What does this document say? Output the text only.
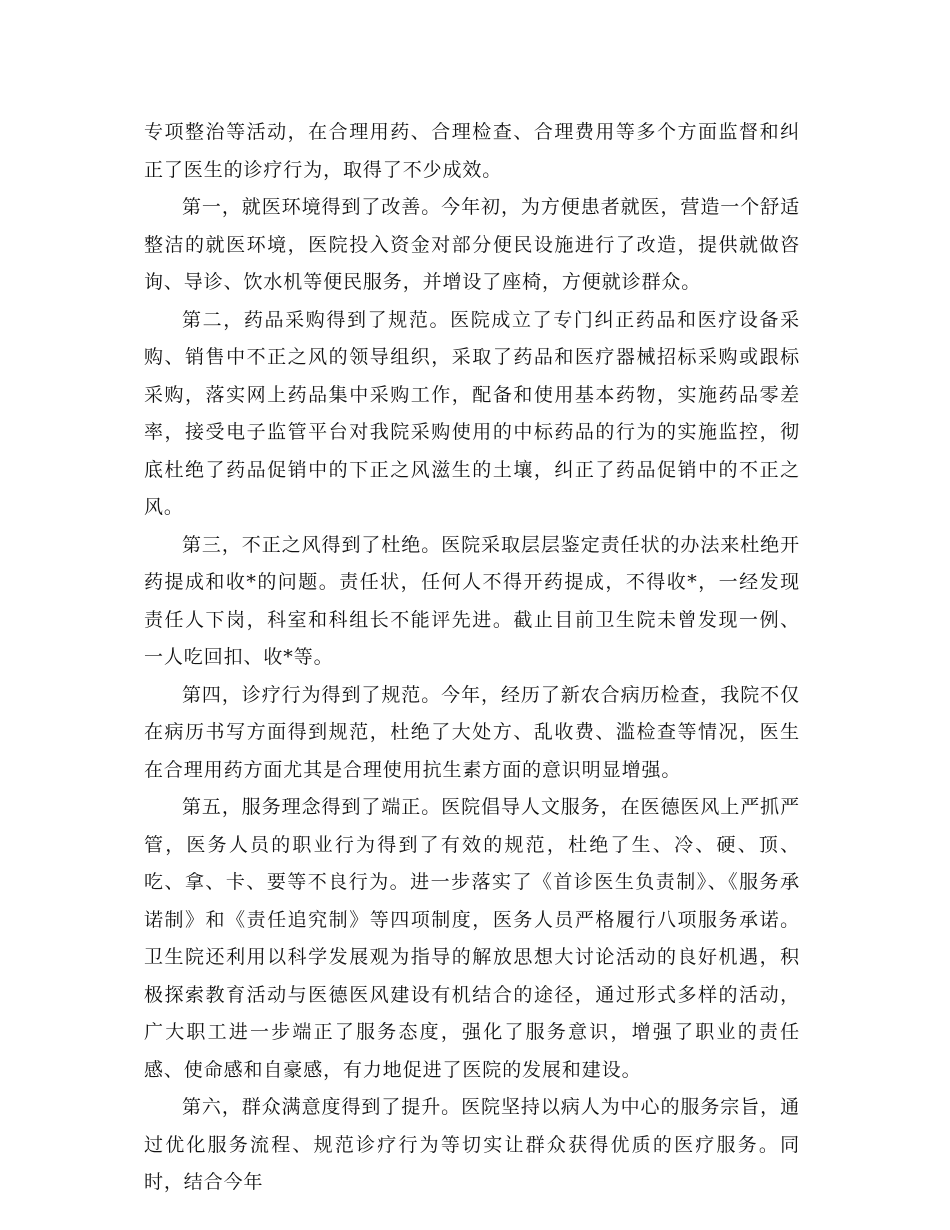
专项整治等活动，在合理用药、合理检查、合理费用等多个方面监督和纠正了医生的诊疗行为，取得了不少成效。

第一，就医环境得到了改善。今年初，为方便患者就医，营造一个舒适整洁的就医环境，医院投入资金对部分便民设施进行了改造，提供就做咨询、导诊、饮水机等便民服务，并增设了座椅，方便就诊群众。

第二，药品采购得到了规范。医院成立了专门纠正药品和医疗设备采购、销售中不正之风的领导组织，采取了药品和医疗器械招标采购或跟标采购，落实网上药品集中采购工作，配备和使用基本药物，实施药品零差率，接受电子监管平台对我院采购使用的中标药品的行为的实施监控，彻底杜绝了药品促销中的下正之风滋生的土壤，纠正了药品促销中的不正之风。

第三，不正之风得到了杜绝。医院采取层层鉴定责任状的办法来杜绝开药提成和收*的问题。责任状，任何人不得开药提成，不得收*，一经发现责任人下岗，科室和科组长不能评先进。截止目前卫生院未曾发现一例、一人吃回扣、收*等。

第四，诊疗行为得到了规范。今年，经历了新农合病历检查，我院不仅在病历书写方面得到规范，杜绝了大处方、乱收费、滥检查等情况，医生在合理用药方面尤其是合理使用抗生素方面的意识明显增强。

第五，服务理念得到了端正。医院倡导人文服务，在医德医风上严抓严管，医务人员的职业行为得到了有效的规范，杜绝了生、冷、硬、顶、吃、拿、卡、要等不良行为。进一步落实了《首诊医生负责制》、《服务承诺制》和《责任追究制》等四项制度，医务人员严格履行八项服务承诺。卫生院还利用以科学发展观为指导的解放思想大讨论活动的良好机遇，积极探索教育活动与医德医风建设有机结合的途径，通过形式多样的活动，广大职工进一步端正了服务态度，强化了服务意识，增强了职业的责任感、使命感和自豪感，有力地促进了医院的发展和建设。

第六，群众满意度得到了提升。医院坚持以病人为中心的服务宗旨，通过优化服务流程、规范诊疗行为等切实让群众获得优质的医疗服务。同时，结合今年
